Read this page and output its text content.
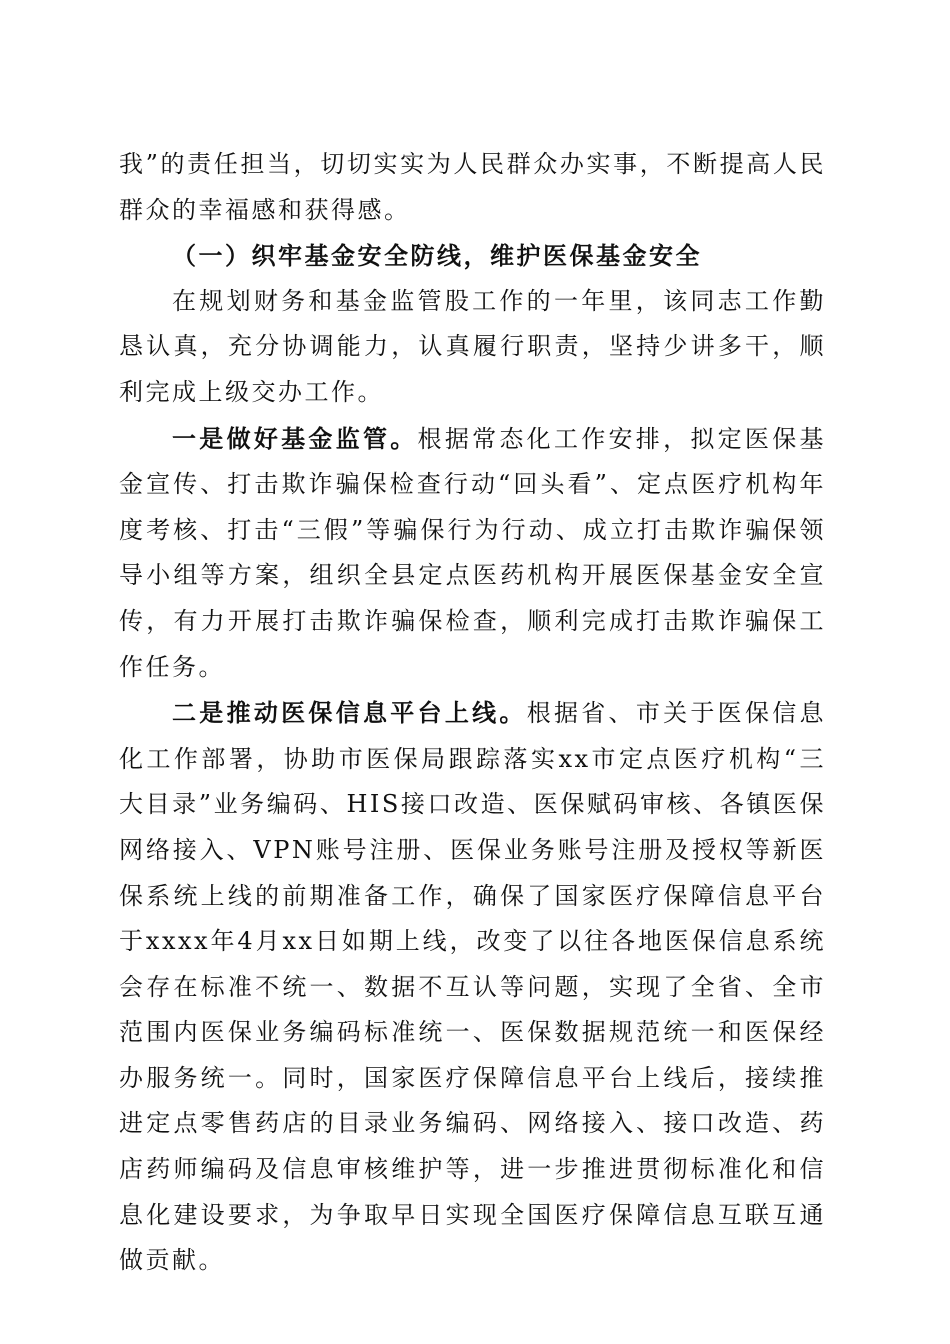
我”的责任担当，切切实实为人民群众办实事，不断提高人民群众的幸福感和获得感。

（一）织牢基金安全防线，维护医保基金安全

在规划财务和基金监管股工作的一年里，该同志工作勤恳认真，充分协调能力，认真履行职责，坚持少讲多干，顺利完成上级交办工作。

一是做好基金监管。根据常态化工作安排，拟定医保基金宣传、打击欺诈骗保检查行动“回头看”、定点医疗机构年度考核、打击“三假”等骗保行为行动、成立打击欺诈骗保领导小组等方案，组织全县定点医药机构开展医保基金安全宣传，有力开展打击欺诈骗保检查，顺利完成打击欺诈骗保工作任务。

二是推动医保信息平台上线。根据省、市关于医保信息化工作部署，协助市医保局跟踪落实xx市定点医疗机构“三大目录”业务编码、HIS接口改造、医保赋码审核、各镇医保网络接入、VPN账号注册、医保业务账号注册及授权等新医保系统上线的前期准备工作，确保了国家医疗保障信息平台于xxxx年4月xx日如期上线，改变了以往各地医保信息系统会存在标准不统一、数据不互认等问题，实现了全省、全市范围内医保业务编码标准统一、医保数据规范统一和医保经办服务统一。同时，国家医疗保障信息平台上线后，接续推进定点零售药店的目录业务编码、网络接入、接口改造、药店药师编码及信息审核维护等，进一步推进贯彻标准化和信息化建设要求，为争取早日实现全国医疗保障信息互联互通做贡献。
